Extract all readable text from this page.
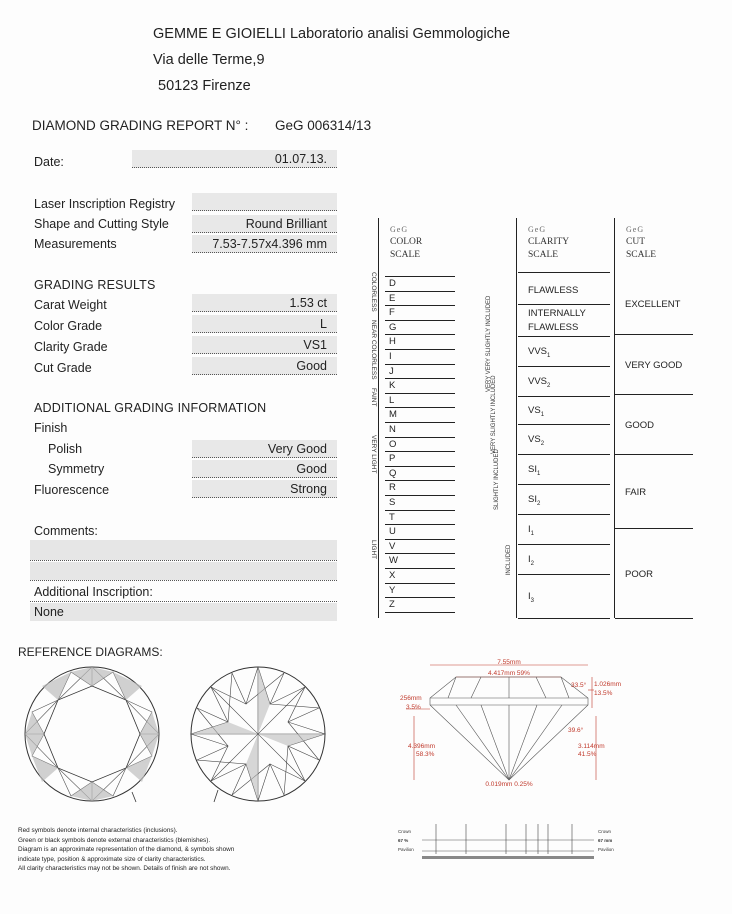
GEMME E GIOIELLI Laboratorio analisi Gemmologiche
Via delle Terme,9
50123 Firenze
DIAMOND GRADING REPORT N° : GeG 006314/13
Date:	01.07.13.
Laser Inscription Registry
Shape and Cutting Style	Round Brilliant
Measurements	7.53-7.57x4.396 mm
GRADING RESULTS
Carat Weight	1.53 ct
Color Grade	L
Clarity Grade	VS1
Cut Grade	Good
ADDITIONAL GRADING INFORMATION
Finish
Polish	Very Good
Symmetry	Good
Fluorescence	Strong
Comments:
Additional Inscription:
None
GeG
COLOR
SCALE
D
E
F
G
H
I
J
K
L
M
N
O
P
Q
R
S
T
U
V
W
X
Y
Z
COLORLESS
NEAR COLORLESS
FAINT
VERY LIGHT
LIGHT
GeG
CLARITY
SCALE
FLAWLESS
INTERNALLY
FLAWLESS
$VVS_1$
$VVS_2$
$VS_1$
$VS_2$
$SI_1$
$SI_2$
$I_1$
$I_2$
$I_3$
VERY VERY SLIGHTLY INCLUDED
VERY SLIGHTLY INCLUDED
SLIGHTLY INCLUDED
INCLUDED
GeG
CUT
SCALE
EXCELLENT
VERY GOOD
GOOD
FAIR
POOR
REFERENCE DIAGRAMS:
7.55mm
4.417mm 59%
33.5° 1.026mm
13.5%
256mm
3.5%
39.6°
4.396mm
58.3%
3.114mm
41.5%
0.019mm 0.25%
Crown
67 %
Pavilion
Crown
67 mm
Pavilion
Red symbols denote internal characteristics (inclusions).
Green or black symbols denote external characteristics (blemishes).
Diagram is an approximate representation of the diamond, & symbols shown
indicate type, position & approximate size of clarity characteristics.
All clarity characteristics may not be shown. Details of finish are not shown.
